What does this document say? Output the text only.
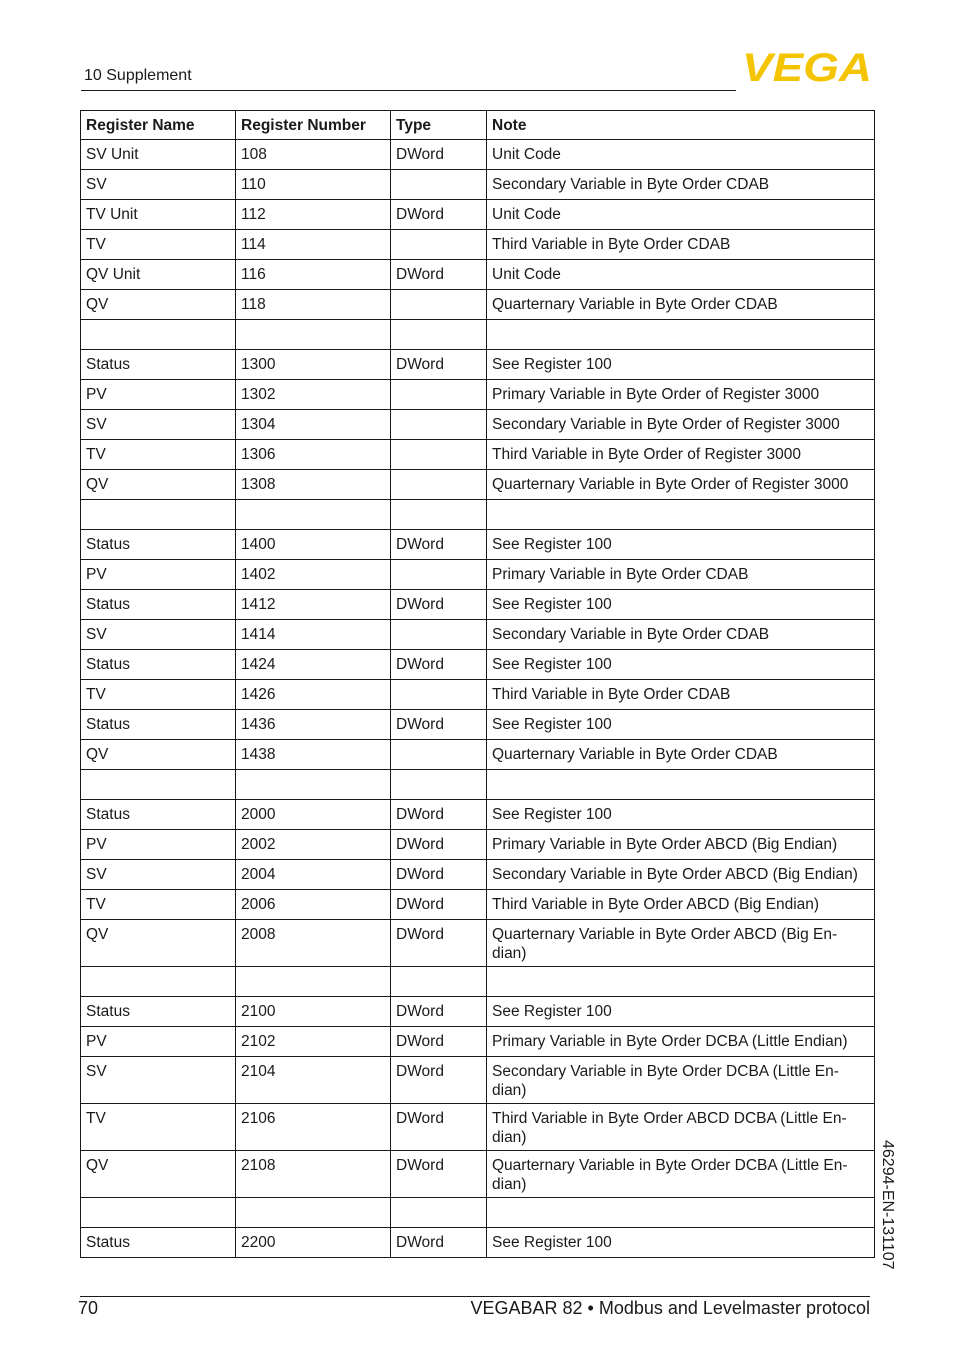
10 Supplement	VEGA
Register Name	Register Number	Type	Note
SV Unit	108	DWord	Unit Code
SV	110		Secondary Variable in Byte Order CDAB
TV Unit	112	DWord	Unit Code
TV	114		Third Variable in Byte Order CDAB
QV Unit	116	DWord	Unit Code
QV	118		Quarternary Variable in Byte Order CDAB

Status	1300	DWord	See Register 100
PV	1302		Primary Variable in Byte Order of Register 3000
SV	1304		Secondary Variable in Byte Order of Register 3000
TV	1306		Third Variable in Byte Order of Register 3000
QV	1308		Quarternary Variable in Byte Order of Register 3000

Status	1400	DWord	See Register 100
PV	1402		Primary Variable in Byte Order CDAB
Status	1412	DWord	See Register 100
SV	1414		Secondary Variable in Byte Order CDAB
Status	1424	DWord	See Register 100
TV	1426		Third Variable in Byte Order CDAB
Status	1436	DWord	See Register 100
QV	1438		Quarternary Variable in Byte Order CDAB

Status	2000	DWord	See Register 100
PV	2002	DWord	Primary Variable in Byte Order ABCD (Big Endian)
SV	2004	DWord	Secondary Variable in Byte Order ABCD (Big Endian)
TV	2006	DWord	Third Variable in Byte Order ABCD (Big Endian)
QV	2008	DWord	Quarternary Variable in Byte Order ABCD (Big En-
dian)

Status	2100	DWord	See Register 100
PV	2102	DWord	Primary Variable in Byte Order DCBA (Little Endian)
SV	2104	DWord	Secondary Variable in Byte Order DCBA (Little En-
dian)
TV	2106	DWord	Third Variable in Byte Order ABCD DCBA (Little En-
dian)
QV	2108	DWord	Quarternary Variable in Byte Order DCBA (Little En-
dian)

Status	2200	DWord	See Register 100	46294-EN-131107
70	VEGABAR 82 • Modbus and Levelmaster protocol
